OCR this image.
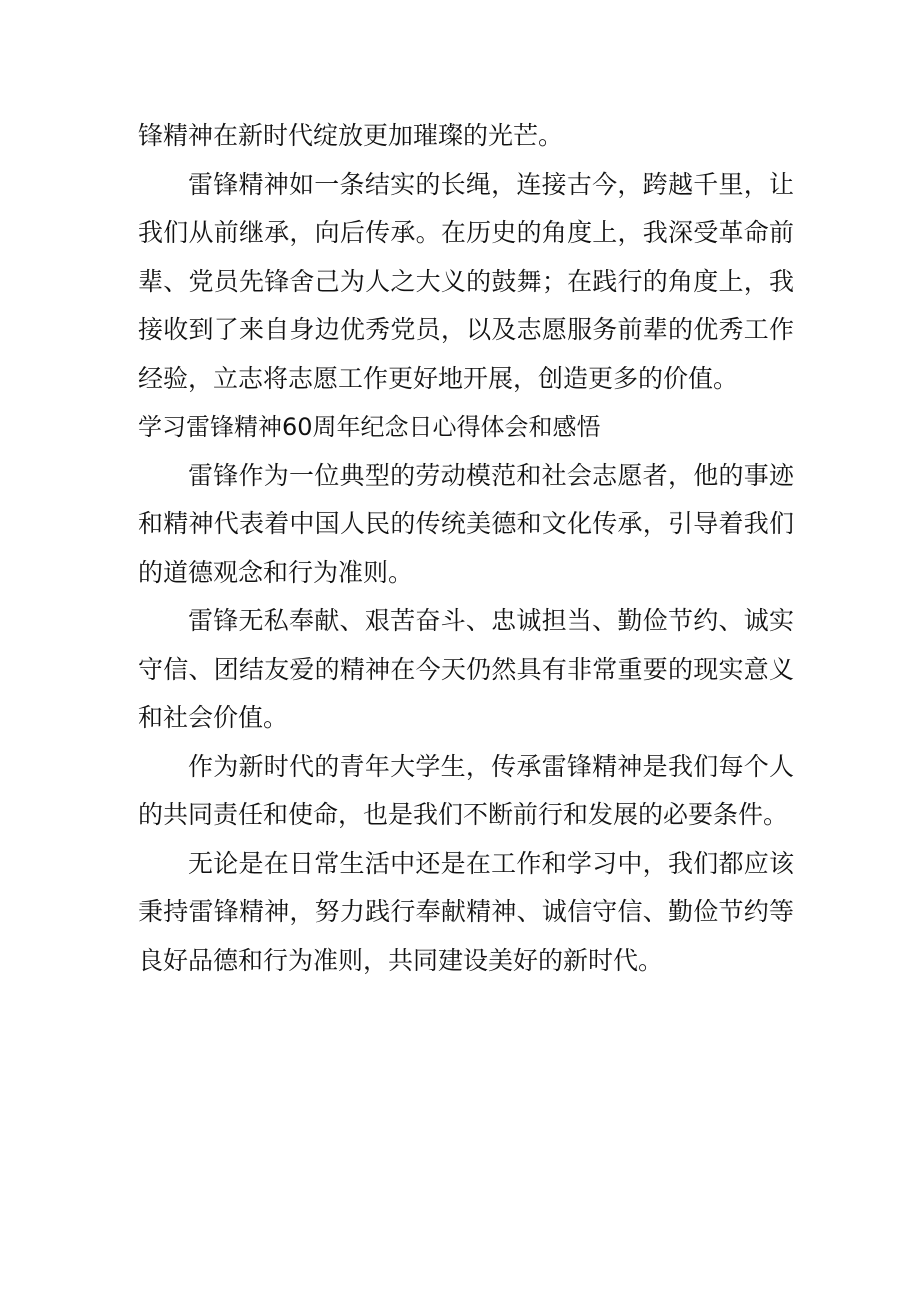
锋精神在新时代绽放更加璀璨的光芒。

雷锋精神如一条结实的长绳，连接古今，跨越千里，让我们从前继承，向后传承。在历史的角度上，我深受革命前辈、党员先锋舍己为人之大义的鼓舞；在践行的角度上，我接收到了来自身边优秀党员，以及志愿服务前辈的优秀工作经验，立志将志愿工作更好地开展，创造更多的价值。

学习雷锋精神60周年纪念日心得体会和感悟

雷锋作为一位典型的劳动模范和社会志愿者，他的事迹和精神代表着中国人民的传统美德和文化传承，引导着我们的道德观念和行为准则。

雷锋无私奉献、艰苦奋斗、忠诚担当、勤俭节约、诚实守信、团结友爱的精神在今天仍然具有非常重要的现实意义和社会价值。

作为新时代的青年大学生，传承雷锋精神是我们每个人的共同责任和使命，也是我们不断前行和发展的必要条件。

无论是在日常生活中还是在工作和学习中，我们都应该秉持雷锋精神，努力践行奉献精神、诚信守信、勤俭节约等良好品德和行为准则，共同建设美好的新时代。
